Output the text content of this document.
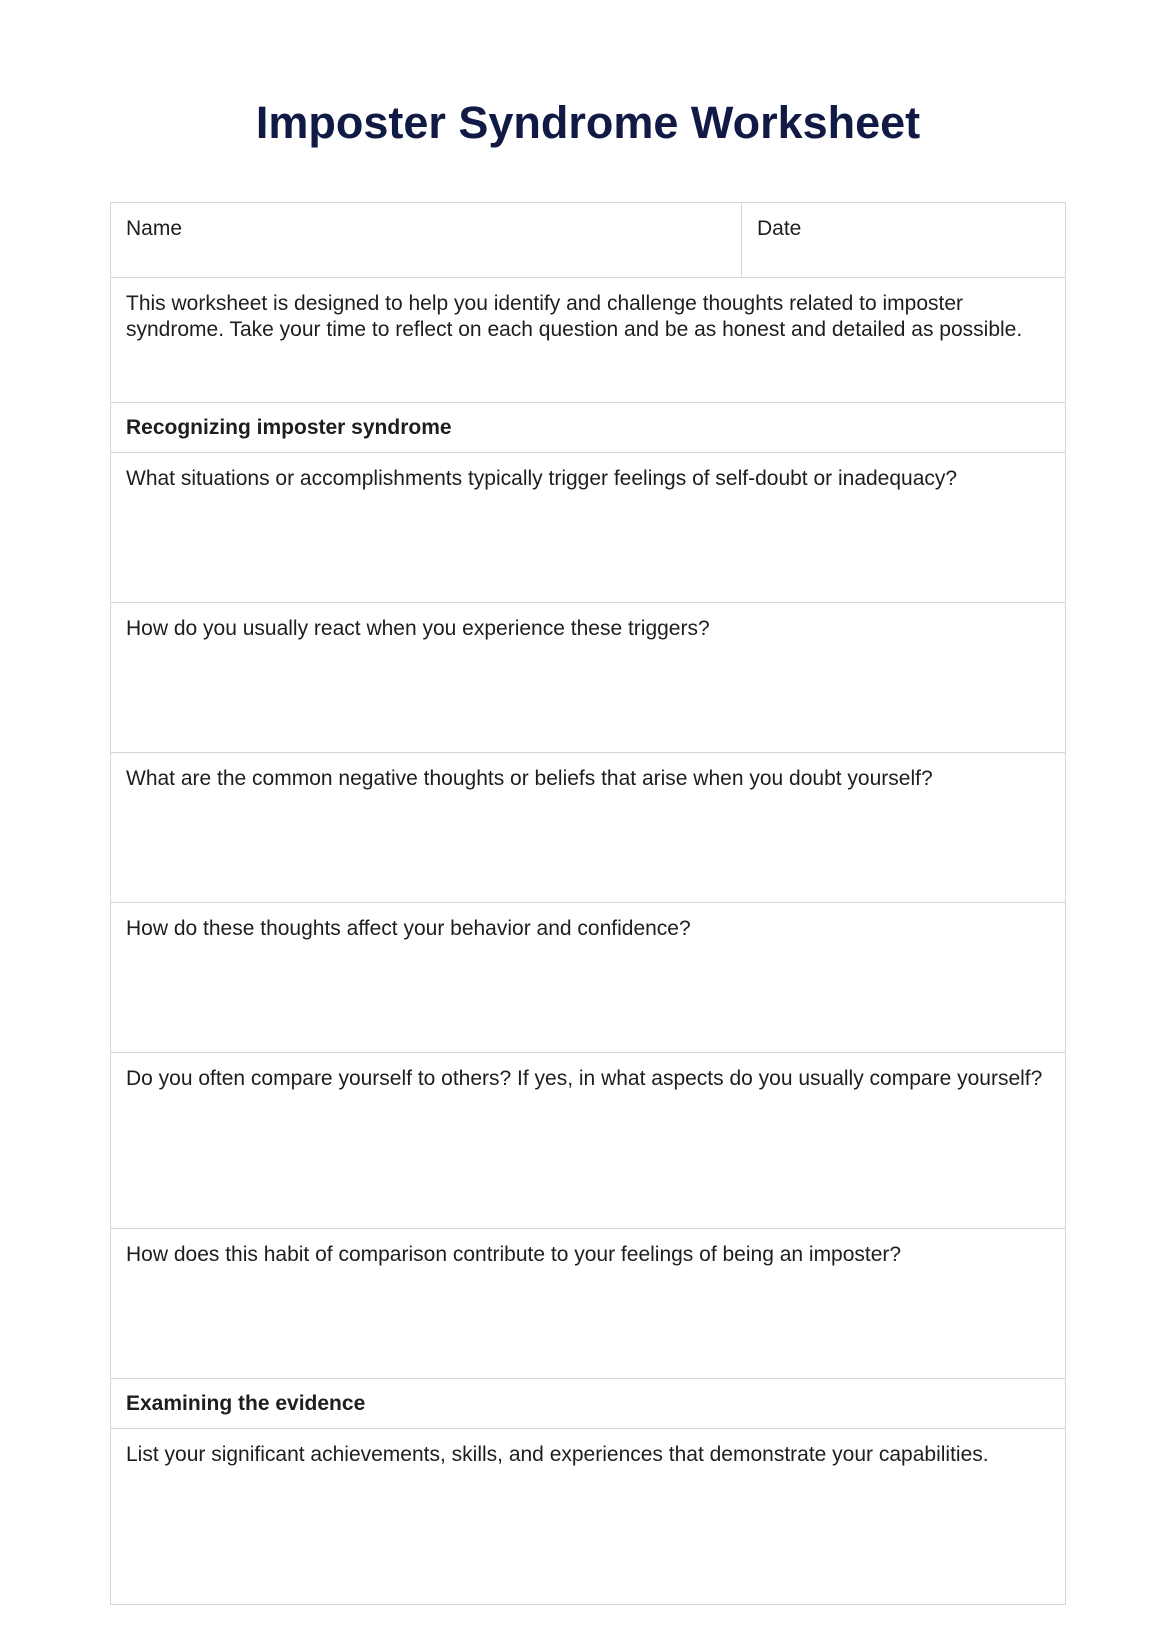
Imposter Syndrome Worksheet
Name	Date
This worksheet is designed to help you identify and challenge thoughts related to imposter syndrome. Take your time to reflect on each question and be as honest and detailed as possible.
Recognizing imposter syndrome
What situations or accomplishments typically trigger feelings of self-doubt or inadequacy?
How do you usually react when you experience these triggers?
What are the common negative thoughts or beliefs that arise when you doubt yourself?
How do these thoughts affect your behavior and confidence?
Do you often compare yourself to others? If yes, in what aspects do you usually compare yourself?
How does this habit of comparison contribute to your feelings of being an imposter?
Examining the evidence
List your significant achievements, skills, and experiences that demonstrate your capabilities.
